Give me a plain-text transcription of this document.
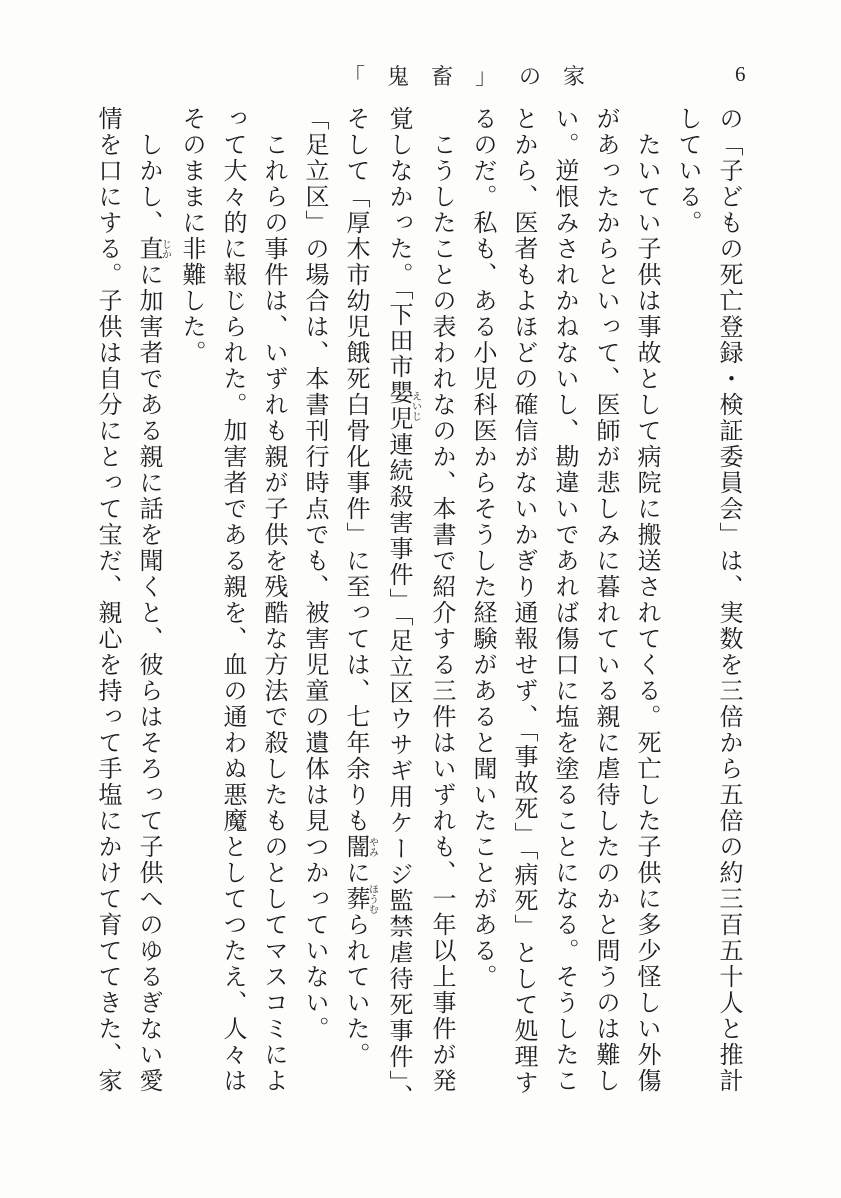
6
「鬼畜」の家
の「子どもの死亡登録・検証委員会」は、実数を三倍から五倍の約三百五十人と推計
している。
　たいてい子供は事故として病院に搬送されてくる。死亡した子供に多少怪しい外傷
があったからといって、医師が悲しみに暮れている親に虐待したのかと問うのは難し
い。逆恨みされかねないし、勘違いであれば傷口に塩を塗ることになる。そうしたこ
とから、医者もよほどの確信がないかぎり通報せず、「事故死」「病死」として処理す
るのだ。私も、ある小児科医からそうした経験があると聞いたことがある。
　こうしたことの表われなのか、本書で紹介する三件はいずれも、一年以上事件が発
覚しなかった。「下田市嬰児えいじ連続殺害事件」「足立区ウサギ用ケージ監禁虐待死事件」、
そして「厚木市幼児餓死白骨化事件」に至っては、七年余りも闇やみに葬ほうむられていた。
「足立区」の場合は、本書刊行時点でも、被害児童の遺体は見つかっていない。
　これらの事件は、いずれも親が子供を残酷な方法で殺したものとしてマスコミによ
って大々的に報じられた。加害者である親を、血の通わぬ悪魔としてつたえ、人々は
そのままに非難した。
　しかし、直じかに加害者である親に話を聞くと、彼らはそろって子供へのゆるぎない愛
情を口にする。子供は自分にとって宝だ、親心を持って手塩にかけて育ててきた、家
